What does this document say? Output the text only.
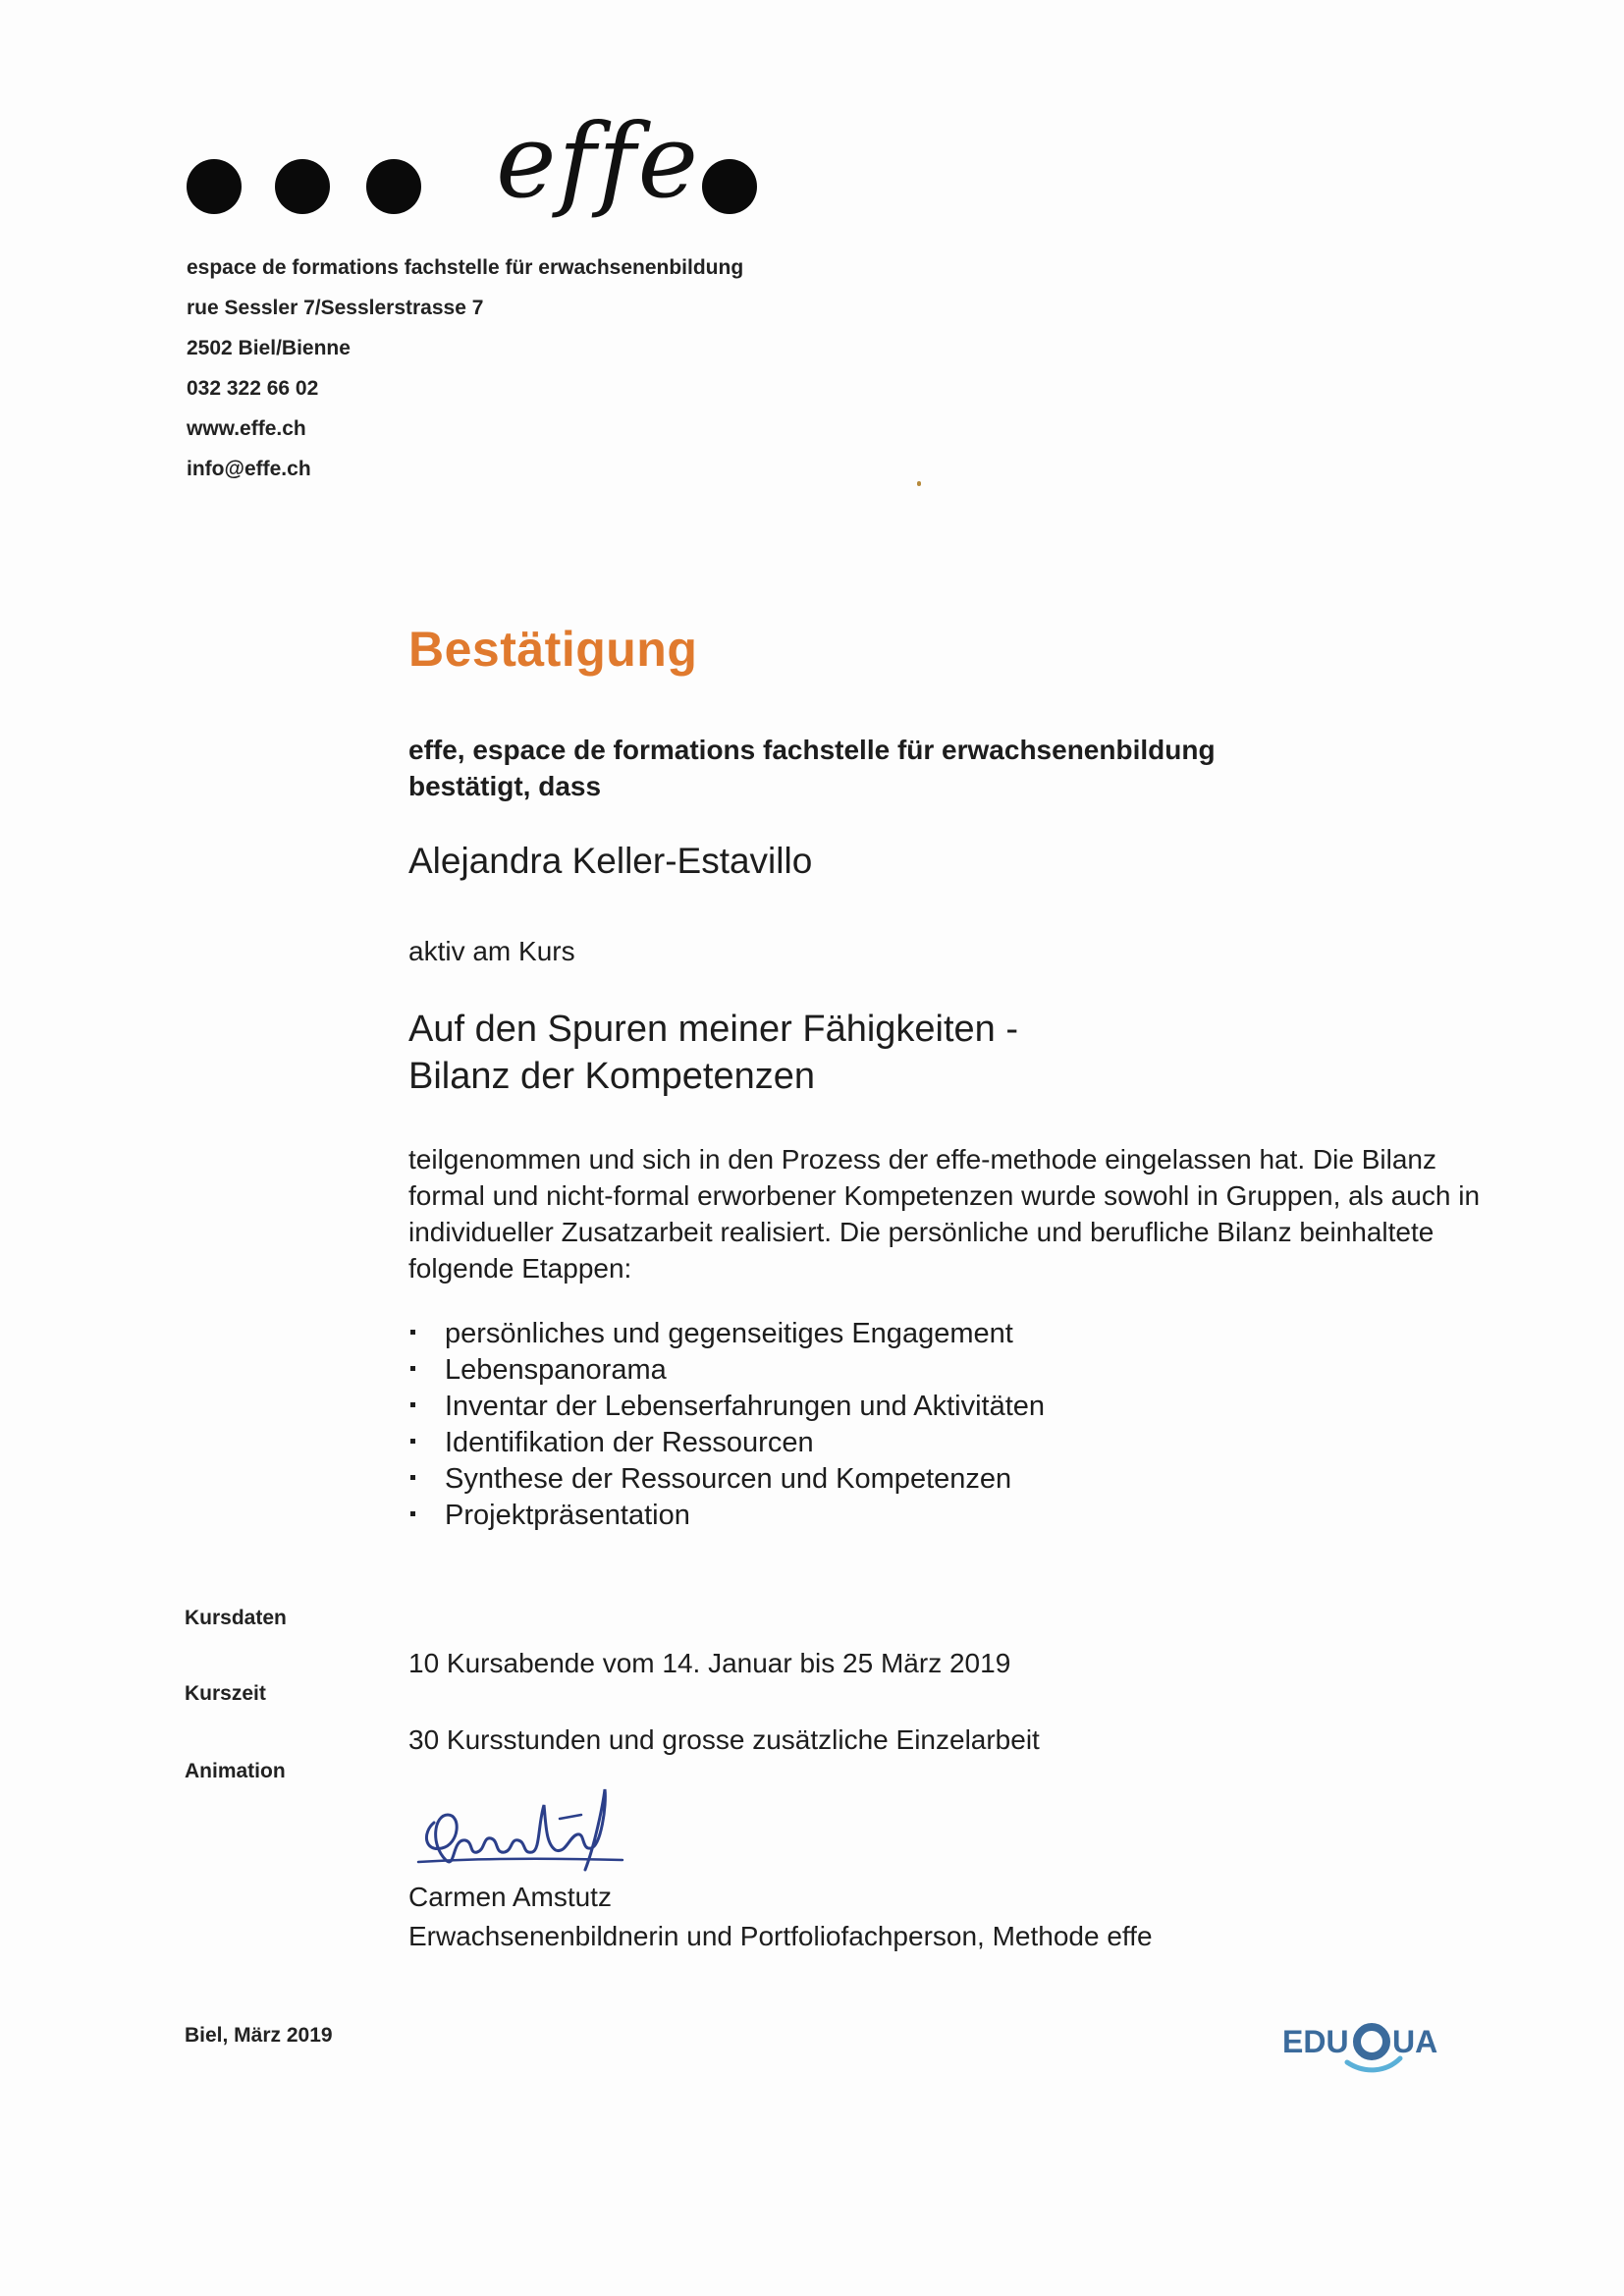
effe
espace de formations fachstelle für erwachsenenbildung
rue Sessler 7/Sesslerstrasse 7
2502 Biel/Bienne
032 322 66 02
www.effe.ch
info@effe.ch
Bestätigung
effe, espace de formations fachstelle für erwachsenenbildung
bestätigt, dass
Alejandra Keller-Estavillo
aktiv am Kurs
Auf den Spuren meiner Fähigkeiten -
Bilanz der Kompetenzen
teilgenommen und sich in den Prozess der effe-methode eingelassen hat. Die Bilanz
formal und nicht-formal erworbener Kompetenzen wurde sowohl in Gruppen, als auch in
individueller Zusatzarbeit realisiert. Die persönliche und berufliche Bilanz beinhaltete
folgende Etappen:
persönliches und gegenseitiges Engagement
Lebenspanorama
Inventar der Lebenserfahrungen und Aktivitäten
Identifikation der Ressourcen
Synthese der Ressourcen und Kompetenzen
Projektpräsentation
Kursdaten
Kurszeit
Animation
10 Kursabende vom 14. Januar bis 25 März 2019
30 Kursstunden und grosse zusätzliche Einzelarbeit
Carmen Amstutz
Erwachsenenbildnerin und Portfoliofachperson, Methode effe
Biel, März 2019	EDU UA
